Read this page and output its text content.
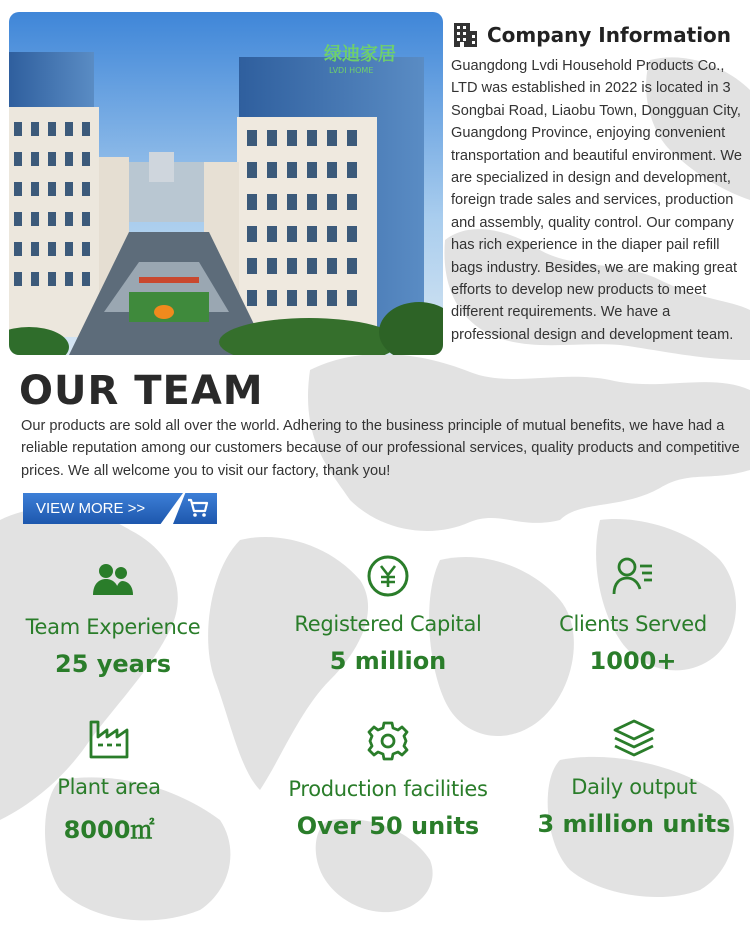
绿迪家居
LVDI HOME
Company Information
Guangdong Lvdi Household Products Co., LTD was established in 2022 is located in 3 Songbai Road, Liaobu Town, Dongguan City, Guangdong Province, enjoying convenient transportation and beautiful environment. We are specialized in design and development, foreign trade sales and services, production and assembly, quality control. Our company has rich experience in the diaper pail refill bags industry. Besides, we are making great efforts to develop new products to meet different requirements. We have a professional design and development team.
OUR TEAM
Our products are sold all over the world. Adhering to the business principle of mutual benefits, we have had a reliable reputation among our customers because of our professional services, quality products and competitive prices. We all welcome you to visit our factory, thank you!
VIEW MORE >>
Team Experience
25 years
Registered Capital
5 million
Clients Served
1000+
Plant area
8000㎡
Production facilities
Over 50 units
Daily output
3 million units
